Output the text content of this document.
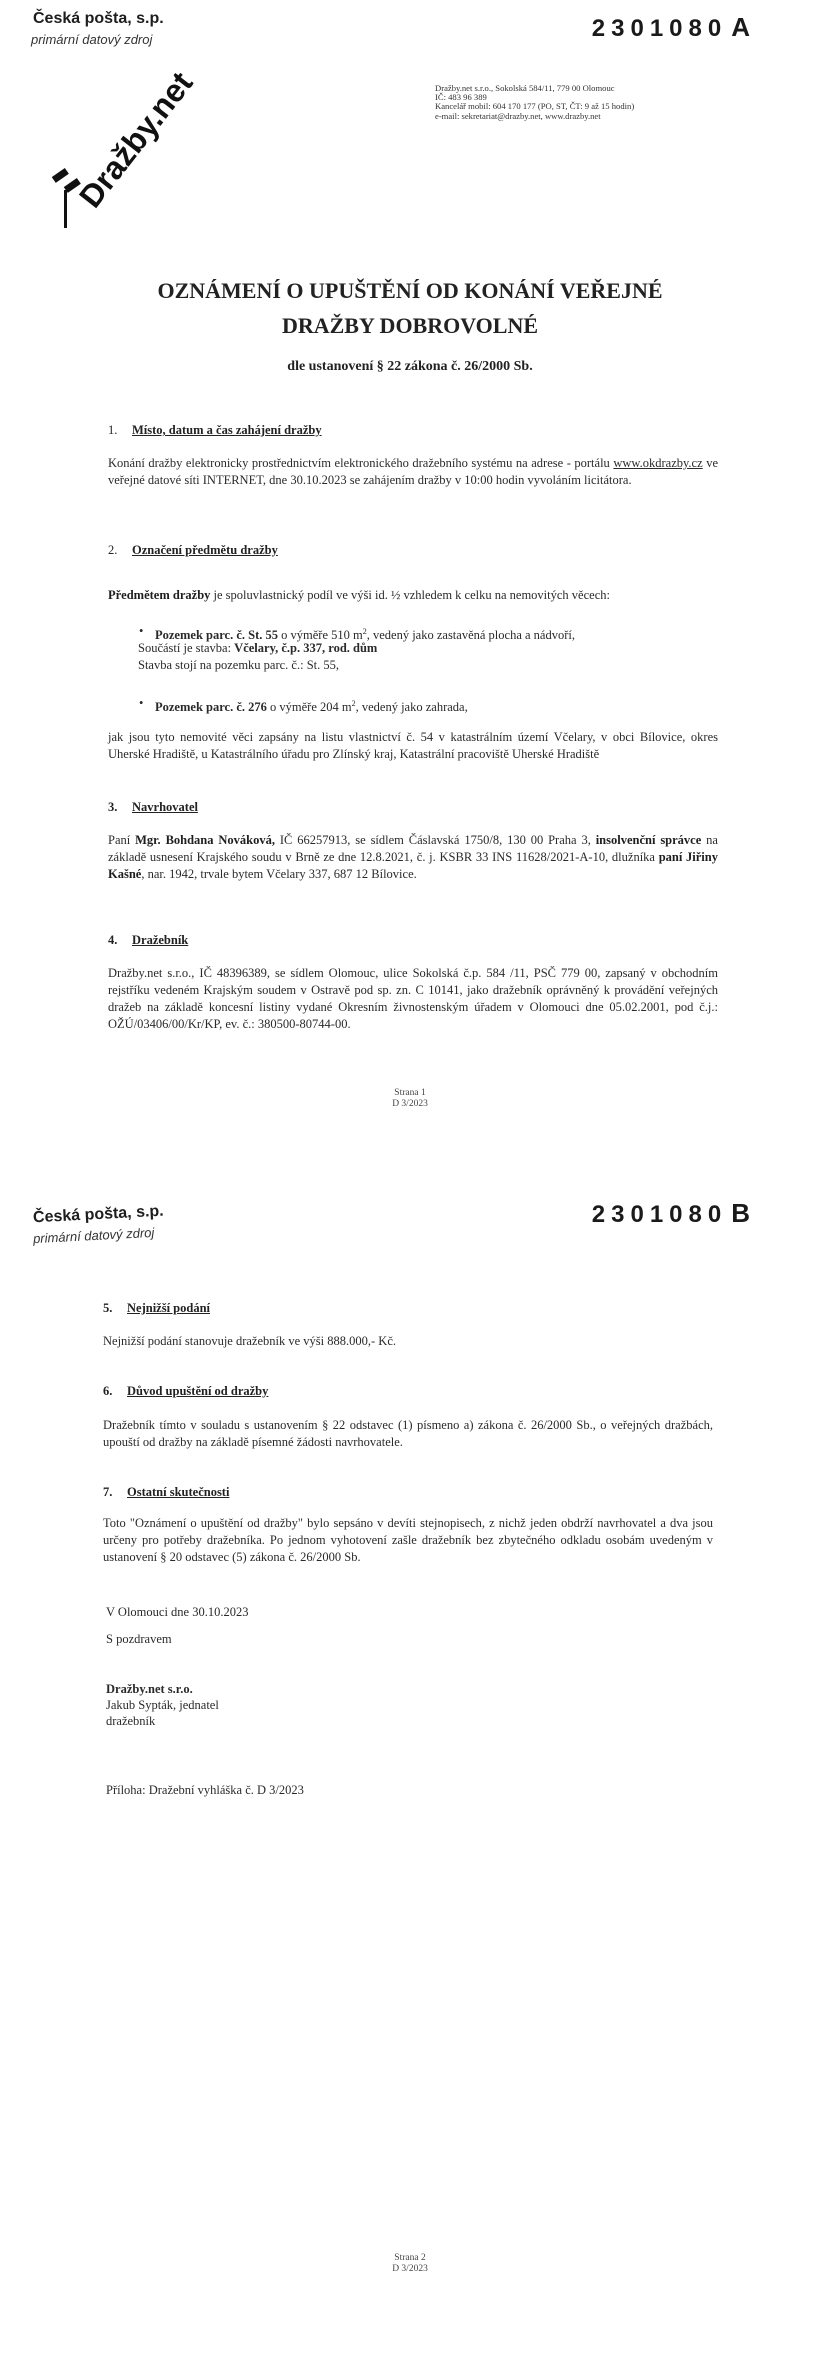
Česká pošta, s.p.
primární datový zdroj	2301080 A
Dražby.net	Dražby.net s.r.o., Sokolská 584/11, 779 00 Olomouc
IČ: 483 96 389
Kancelář mobil: 604 170 177 (PO, ST, ČT: 9 až 15 hodin)
e-mail: sekretariat@drazby.net, www.drazby.net
OZNÁMENÍ O UPUŠTĚNÍ OD KONÁNÍ VEŘEJNÉ
DRAŽBY DOBROVOLNÉ
dle ustanovení § 22 zákona č. 26/2000 Sb.
1. Místo, datum a čas zahájení dražby
Konání dražby elektronicky prostřednictvím elektronického dražebního systému na adrese - portálu www.okdrazby.cz ve veřejné datové síti INTERNET, dne 30.10.2023 se zahájením dražby v 10:00 hodin vyvoláním licitátora.
2. Označení předmětu dražby
Předmětem dražby je spoluvlastnický podíl ve výši id. ½ vzhledem k celku na nemovitých věcech:
• Pozemek parc. č. St. 55 o výměře 510 $m^2$, vedený jako zastavěná plocha a nádvoří,
Součástí je stavba: Včelary, č.p. 337, rod. dům
Stavba stojí na pozemku parc. č.: St. 55,
• Pozemek parc. č. 276 o výměře 204 $m^2$, vedený jako zahrada,
jak jsou tyto nemovité věci zapsány na listu vlastnictví č. 54 v katastrálním území Včelary, v obci Bílovice, okres Uherské Hradiště, u Katastrálního úřadu pro Zlínský kraj, Katastrální pracoviště Uherské Hradiště
3. Navrhovatel
Paní Mgr. Bohdana Nováková, IČ 66257913, se sídlem Čáslavská 1750/8, 130 00 Praha 3, insolvenční správce na základě usnesení Krajského soudu v Brně ze dne 12.8.2021, č. j. KSBR 33 INS 11628/2021-A-10, dlužníka paní Jiřiny Kašné, nar. 1942, trvale bytem Včelary 337, 687 12 Bílovice.
4. Dražebník
Dražby.net s.r.o., IČ 48396389, se sídlem Olomouc, ulice Sokolská č.p. 584 /11, PSČ 779 00, zapsaný v obchodním rejstříku vedeném Krajským soudem v Ostravě pod sp. zn. C 10141, jako dražebník oprávněný k provádění veřejných dražeb na základě koncesní listiny vydané Okresním živnostenským úřadem v Olomouci dne 05.02.2001, pod č.j.: OŽÚ/03406/00/Kr/KP, ev. č.: 380500-80744-00.
Strana 1
D 3/2023
Česká pošta, s.p.
primární datový zdroj
2301080 B
5. Nejnižší podání
Nejnižší podání stanovuje dražebník ve výši 888.000,- Kč.
6. Důvod upuštění od dražby
Dražebník tímto v souladu s ustanovením § 22 odstavec (1) písmeno a) zákona č. 26/2000 Sb., o veřejných dražbách, upouští od dražby na základě písemné žádosti navrhovatele.
7. Ostatní skutečnosti
Toto "Oznámení o upuštění od dražby" bylo sepsáno v devíti stejnopisech, z nichž jeden obdrží navrhovatel a dva jsou určeny pro potřeby dražebníka. Po jednom vyhotovení zašle dražebník bez zbytečného odkladu osobám uvedeným v ustanovení § 20 odstavec (5) zákona č. 26/2000 Sb.
V Olomouci dne 30.10.2023
S pozdravem
Dražby.net s.r.o.
Jakub Sypták, jednatel
dražebník
Příloha: Dražební vyhláška č. D 3/2023
Strana 2
D 3/2023
